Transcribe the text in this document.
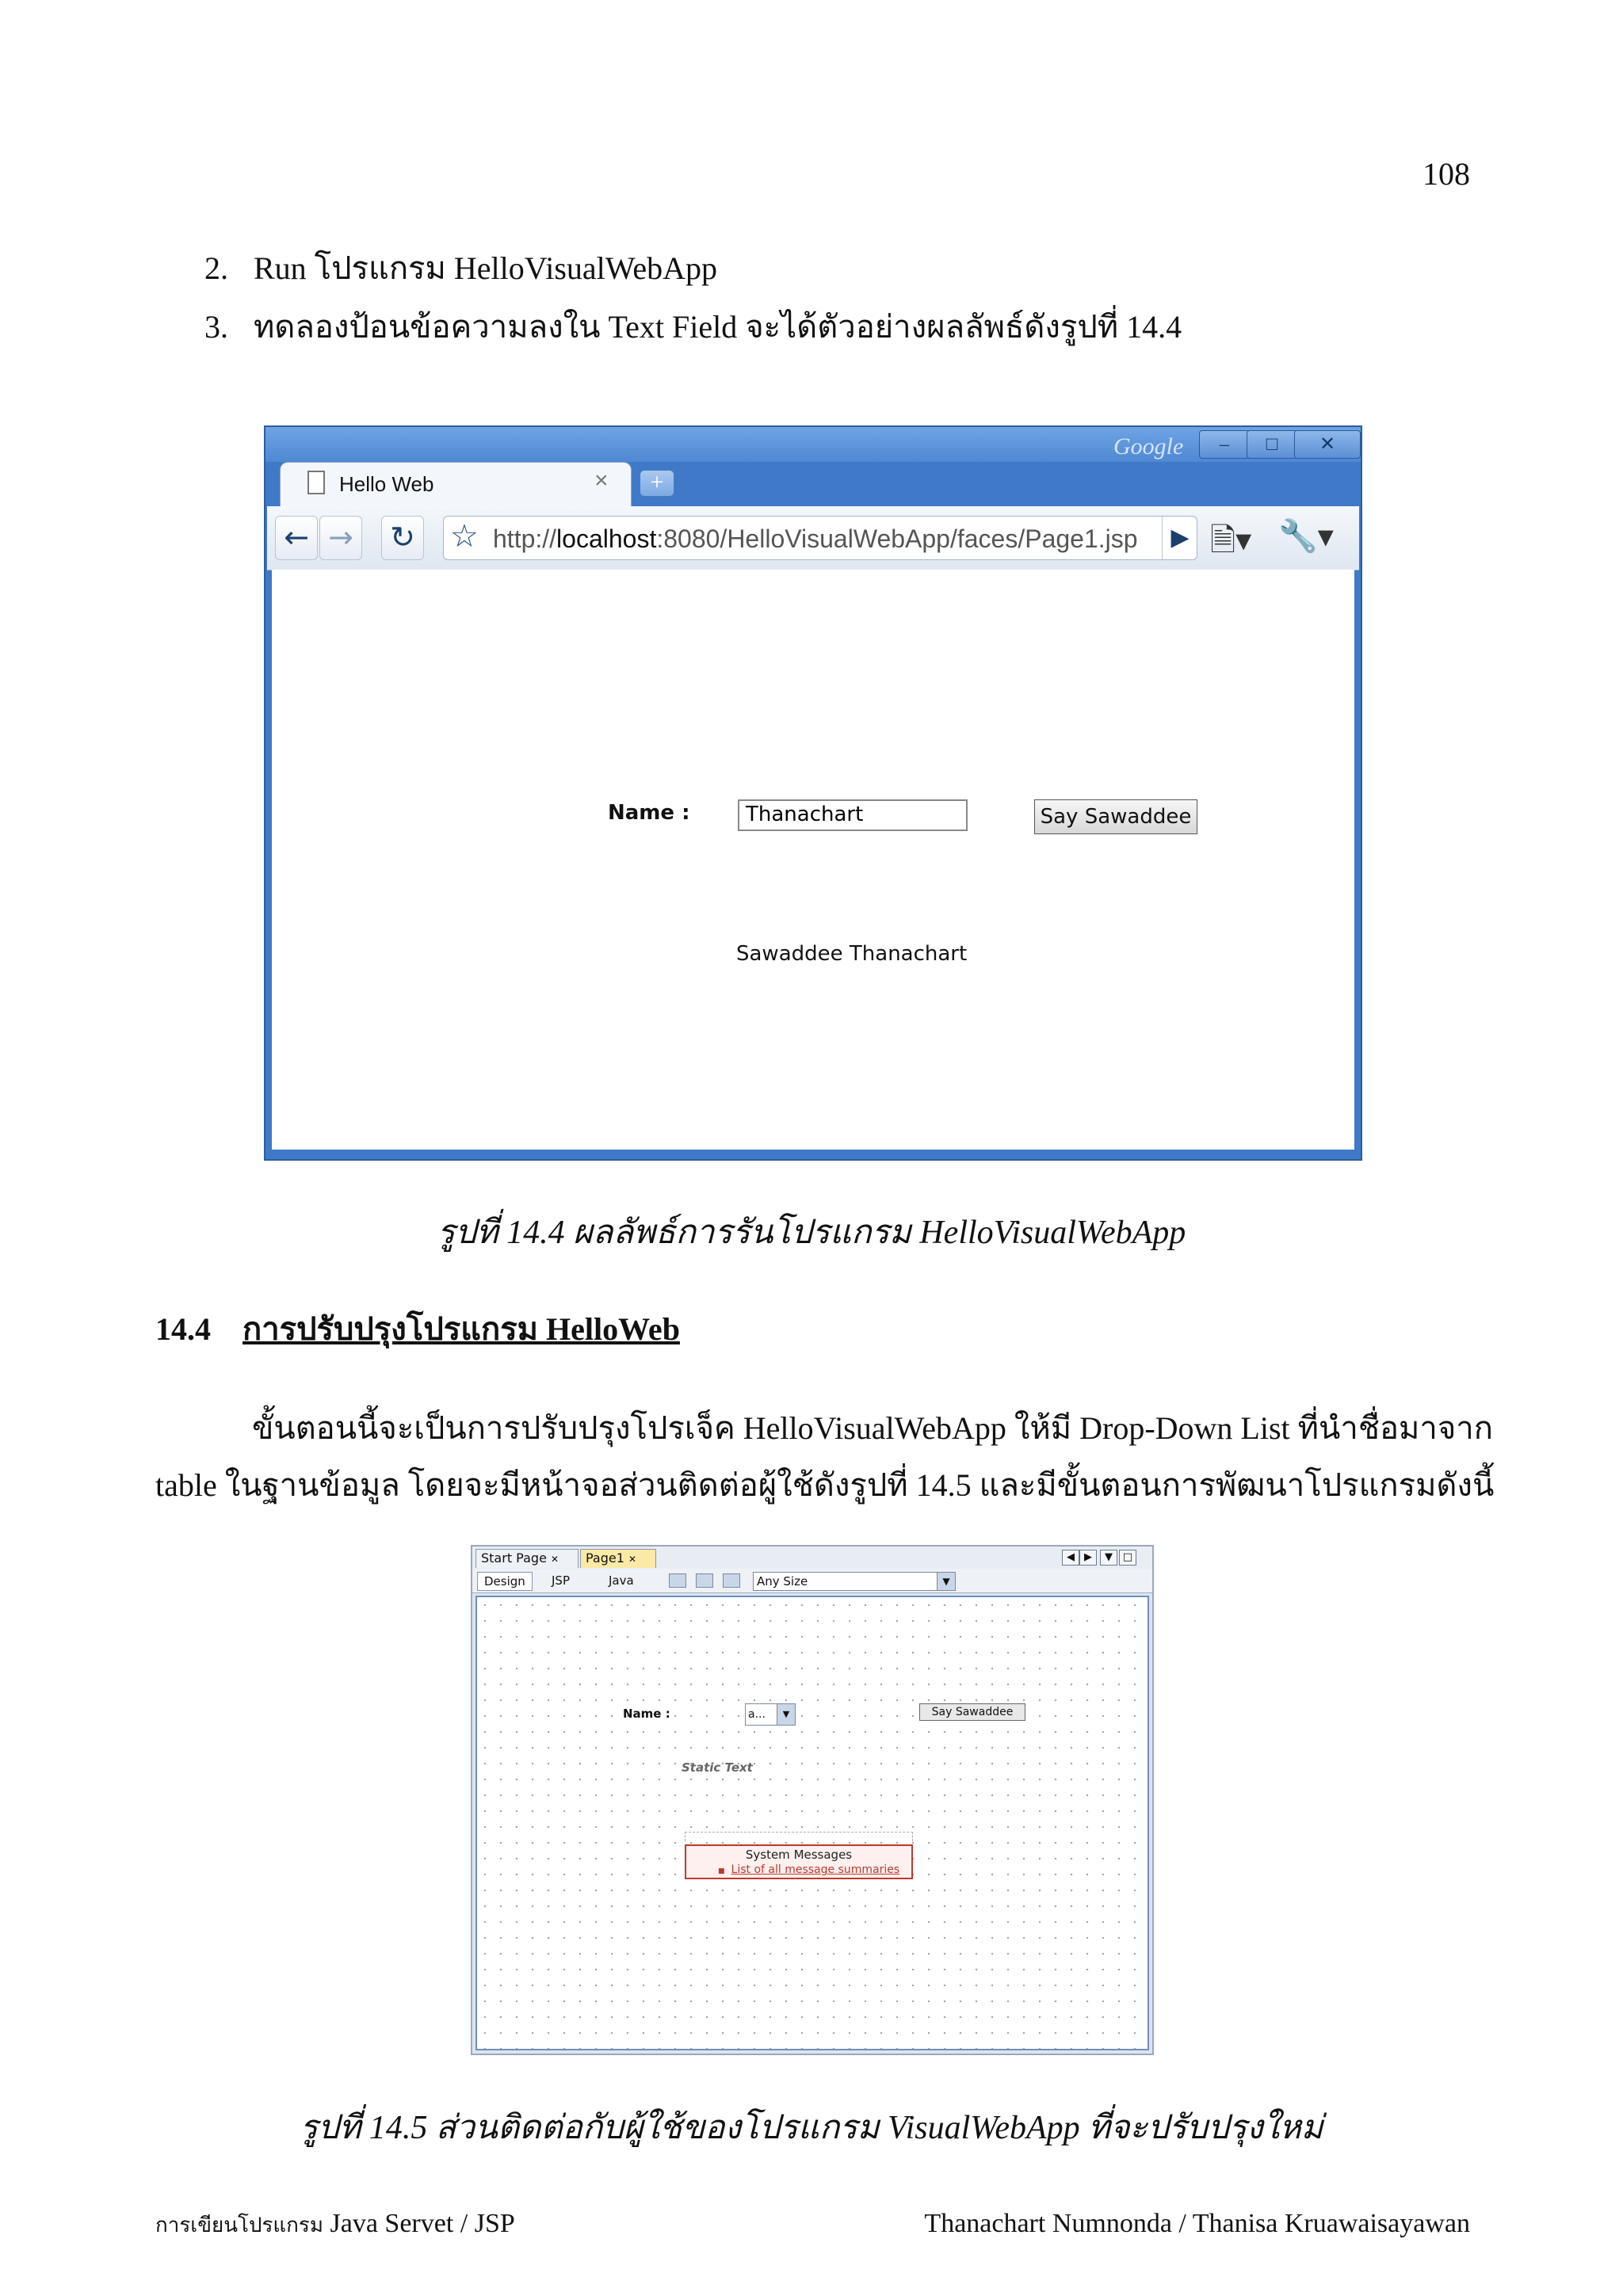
108
2. Run โปรแกรม HelloVisualWebApp
3. ทดลองป้อนข้อความลงใน Text Field จะได้ตัวอย่างผลลัพธ์ดังรูปที่ 14.4
Google	–	□	✕
Hello Web	×	+
← → ↻ ☆ http://localhost:8080/HelloVisualWebApp/faces/Page1.jsp	▶ 🗎▾ 🔧▾
Name :	Thanachart	Say Sawaddee
Sawaddee Thanachart
รูปที่ 14.4 ผลลัพธ์การรันโปรแกรม HelloVisualWebApp
14.4 การปรับปรุงโปรแกรม HelloWeb
ขั้นตอนนี้จะเป็นการปรับปรุงโปรเจ็ค HelloVisualWebApp ให้มี Drop-Down List ที่นำชื่อมาจาก
table ในฐานข้อมูล โดยจะมีหน้าจอส่วนติดต่อผู้ใช้ดังรูปที่ 14.5 และมีขั้นตอนการพัฒนาโปรแกรมดังนี้
Start Page ✕	Page1 ✕	◀ ▶	▼ □
Design	JSP	Java	Any Size	▼
Name :	a...	▼	Say Sawaddee
Static Text
System Messages
■ List of all message summaries
รูปที่ 14.5 ส่วนติดต่อกับผู้ใช้ของโปรแกรม VisualWebApp ที่จะปรับปรุงใหม่
การเขียนโปรแกรม Java Servet / JSP	Thanachart Numnonda / Thanisa Kruawaisayawan
